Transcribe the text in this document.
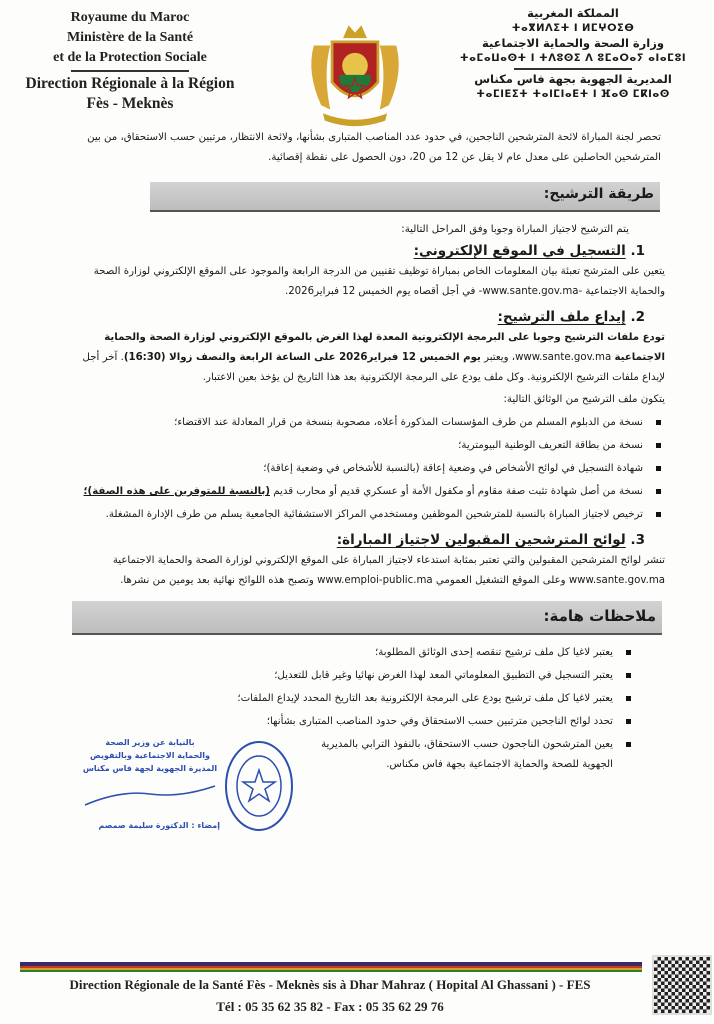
Royaume du Maroc
Ministère de la Santé
et de la Protection Sociale
Direction Régionale à la Région
Fès - Meknès
المملكة المغربية
ⵜⴰⴳⵍⴷⵉⵜ ⵏ ⵍⵎⵖⵔⵉⴱ
وزارة الصحة والحماية الاجتماعية
ⵜⴰⵎⴰⵡⴰⵙⵜ ⵏ ⵜⴷⵓⵙⵉ ⴷ ⵓⵎⴰⵔⴰⵢ ⴰⵏⴰⵎⵓⵏ
المديرية الجهوية بجهة فاس مكناس
ⵜⴰⵎⵏⴹⵉⵜ ⵜⴰⵏⵎⵏⴰⴹⵜ ⵏ ⴼⴰⵙ ⵎⴽⵏⴰⵙ

تحصر لجنة المباراة لائحة المترشحين الناجحين، في حدود عدد المناصب المتبارى بشأنها، ولائحة الانتظار، مرتبين حسب الاستحقاق، من بين المترشحين الحاصلين على معدل عام لا يقل عن 12 من 20، دون الحصول على نقطة إقصائية.

طريقة الترشيح:

يتم الترشيح لاجتياز المباراة وجوبا وفق المراحل التالية:

1. التسجيل في الموقع الإلكتروني:

يتعين على المترشح تعبئة بيان المعلومات الخاص بمباراة توظيف تقنيين من الدرجة الرابعة والموجود على الموقع الإلكتروني لوزارة الصحة والحماية الاجتماعية -www.sante.gov.ma- في أجل أقصاه يوم الخميس 12 فبراير2026.

2. إيداع ملف الترشيح:

تودع ملفات الترشيح وجوبا على البرمجة الإلكترونية المعدة لهذا الغرض بالموقع الإلكتروني لوزارة الصحة والحماية الاجتماعية www.sante.gov.ma، ويعتبر يوم الخميس 12 فبراير2026 على الساعة الرابعة والنصف زوالا (16:30). آخر أجل لإيداع ملفات الترشيح الإلكترونية. وكل ملف يودع على البرمجة الإلكترونية بعد هذا التاريخ لن يؤخذ بعين الاعتبار.

يتكون ملف الترشيح من الوثائق التالية:

نسخة من الدبلوم المسلم من طرف المؤسسات المذكورة أعلاه، مصحوبة بنسخة من قرار المعادلة عند الاقتضاء؛
نسخة من بطاقة التعريف الوطنية البيومترية؛
شهادة التسجيل في لوائح الأشخاص في وضعية إعاقة (بالنسبة للأشخاص في وضعية إعاقة)؛
نسخة من أصل شهادة تثبت صفة مقاوم أو مكفول الأمة أو عسكري قديم أو محارب قديم (بالنسبة للمتوفرين على هذه الصفة)؛
ترخيص لاجتياز المباراة بالنسبة للمترشحين الموظفين ومستخدمي المراكز الاستشفائية الجامعية يسلم من طرف الإدارة المشغلة.
3. لوائح المترشحين المقبولين لاجتياز المباراة:

تنشر لوائح المترشحين المقبولين والتي تعتبر بمثابة استدعاء لاجتياز المباراة على الموقع الإلكتروني لوزارة الصحة والحماية الاجتماعية www.sante.gov.ma وعلى الموقع التشغيل العمومي www.emploi-public.ma وتصبح هذه اللوائح نهائية بعد يومين من نشرها.

ملاحظات هامة:
يعتبر لاغيا كل ملف ترشيح تنقصه إحدى الوثائق المطلوبة؛
يعتبر التسجيل في التطبيق المعلوماتي المعد لهذا الغرض نهائيا وغير قابل للتعديل؛
يعتبر لاغيا كل ملف ترشيح يودع على البرمجة الإلكترونية بعد التاريخ المحدد لإيداع الملفات؛
تحدد لوائح الناجحين مترتبين حسب الاستحقاق وفي حدود المناصب المتبارى بشأنها؛
بالنيابة عن وزير الصحة
والحماية الاجتماعية وبالتفويض
المديرة الجهوية لجهة فاس مكناس
إمضاء : الدكتورة سليمة صمصم
يعين المترشحون الناجحون حسب الاستحقاق، بالنفوذ الترابي بالمديرية الجهوية للصحة والحماية الاجتماعية بجهة فاس مكناس.
Direction Régionale de la Santé Fès - Meknès sis à Dhar Mahraz ( Hopital Al Ghassani ) - FES
Tél : 05 35 62 35 82 - Fax : 05 35 62 29 76
